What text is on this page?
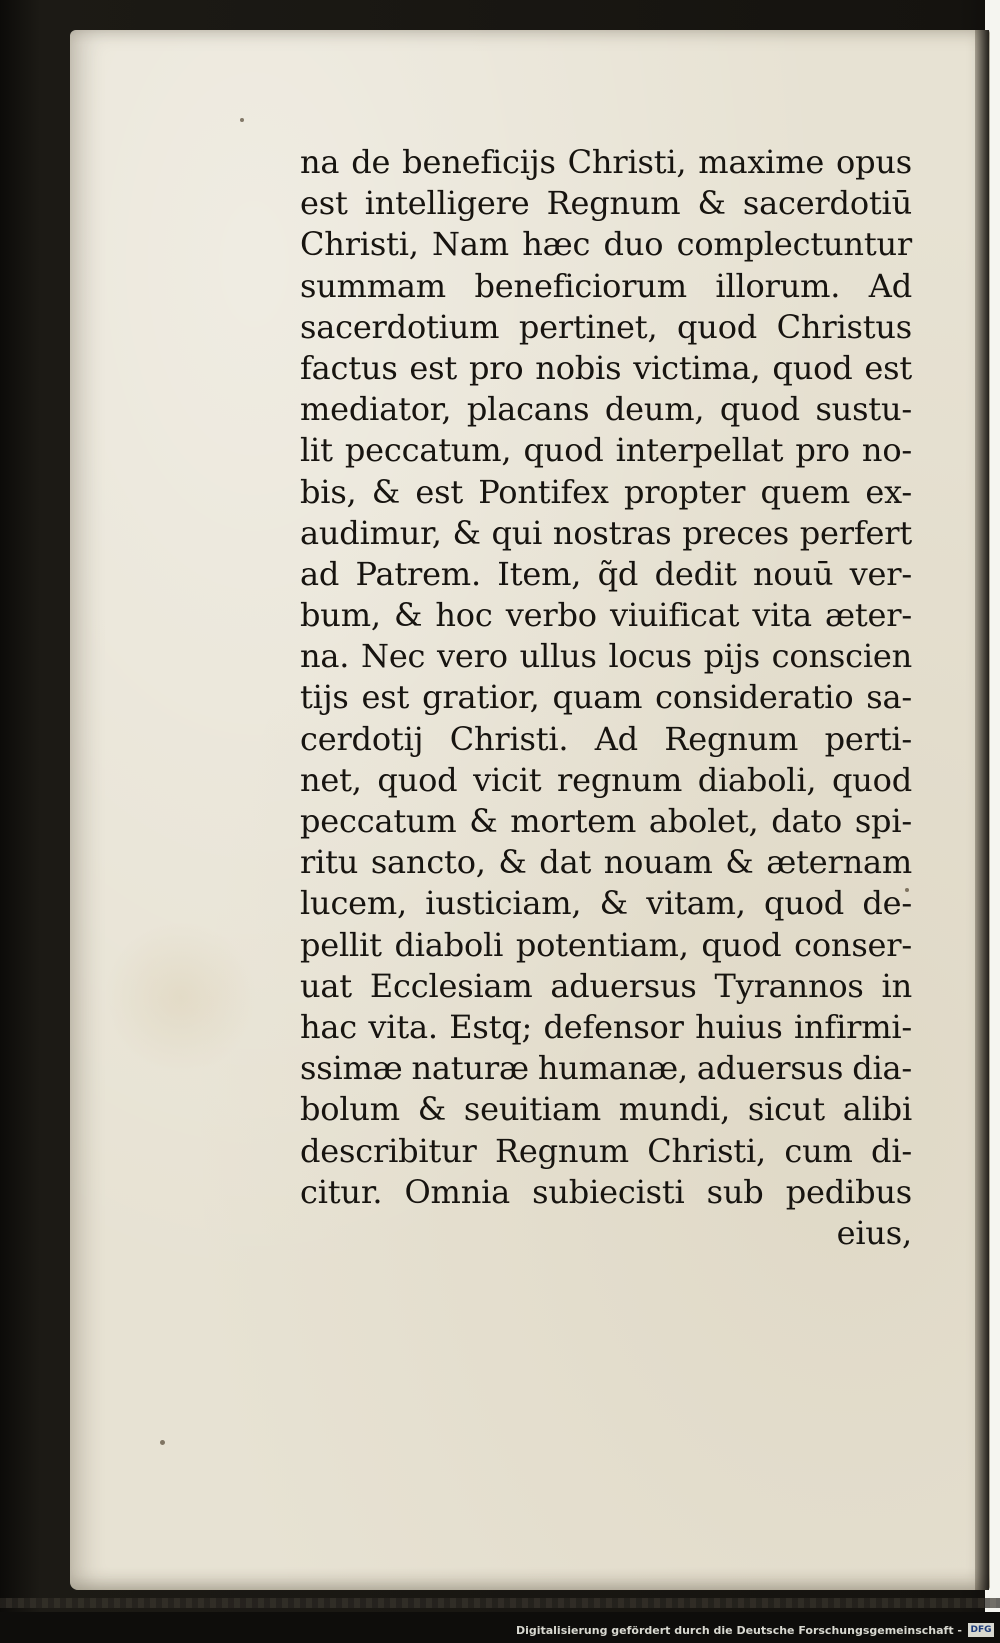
na de beneficijs Christi, maxime opus
est intelligere Regnum & sacerdotiū
Christi, Nam hæc duo complectuntur
summam beneficiorum illorum. Ad
sacerdotium pertinet, quod Christus
factus est pro nobis victima, quod est
mediator, placans deum, quod sustu-
lit peccatum, quod interpellat pro no-
bis, & est Pontifex propter quem ex-
audimur, & qui nostras preces perfert
ad Patrem. Item, q̃d dedit nouū ver-
bum, & hoc verbo viuificat vita æter-
na. Nec vero ullus locus pijs conscien
tijs est gratior, quam consideratio sa-
cerdotij Christi. Ad Regnum perti-
net, quod vicit regnum diaboli, quod
peccatum & mortem abolet, dato spi-
ritu sancto, & dat nouam & æternam
lucem, iusticiam, & vitam, quod de-
pellit diaboli potentiam, quod conser-
uat Ecclesiam aduersus Tyrannos in
hac vita. Estq; defensor huius infirmi-
ssimæ naturæ humanæ, aduersus dia-
bolum & seuitiam mundi, sicut alibi
describitur Regnum Christi, cum di-
citur. Omnia subiecisti sub pedibus
eius,
Digitalisierung gefördert durch die Deutsche Forschungsgemeinschaft - DFG
